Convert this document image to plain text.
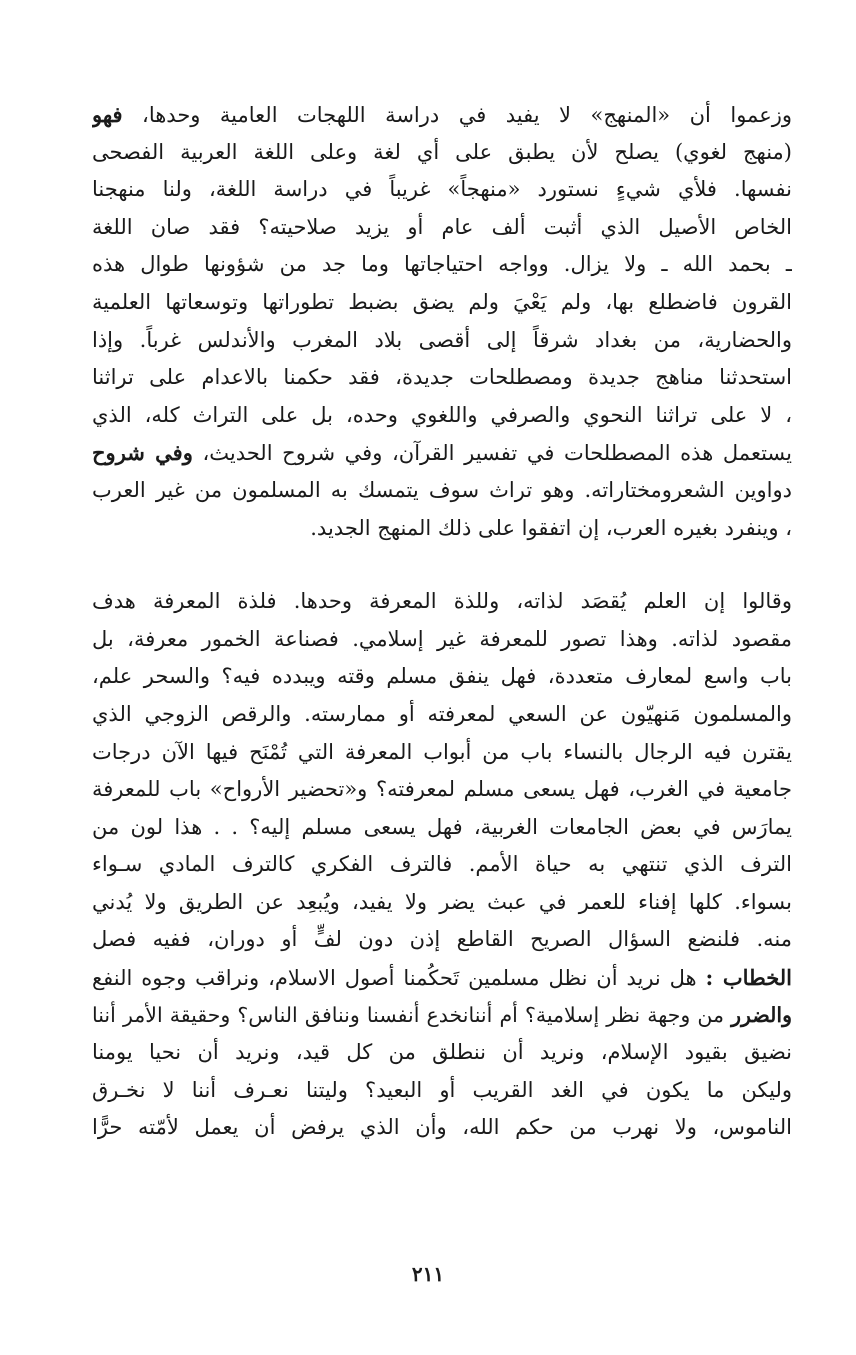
وزعموا أن «المنهج» لا يفيد في دراسة اللهجات العامية وحدها، فهو
(منهج لغوي) يصلح لأن يطبق على أي لغة وعلى اللغة العربية الفصحى
نفسها. فلأي شيءٍ نستورد «منهجاً» غريباً في دراسة اللغة، ولنا منهجنا
الخاص الأصيل الذي أثبت ألف عام أو يزيد صلاحيته؟ فقد صان اللغة
ـ بحمد الله ـ ولا يزال. وواجه احتياجاتها وما جد من شؤونها طوال هذه
القرون فاضطلع بها، ولم يَعْيَ ولم يضق بضبط تطوراتها وتوسعاتها العلمية
والحضارية، من بغداد شرقاً إلى أقصى بلاد المغرب والأندلس غرباً. وإذا
استحدثنا مناهج جديدة ومصطلحات جديدة، فقد حكمنا بالاعدام على تراثنا
، لا على تراثنا النحوي والصرفي واللغوي وحده، بل على التراث كله، الذي
يستعمل هذه المصطلحات في تفسير القرآن، وفي شروح الحديث، وفي شروح
دواوين الشعرومختاراته. وهو تراث سوف يتمسك به المسلمون من غير العرب
، وينفرد بغيره العرب، إن اتفقوا على ذلك المنهج الجديد.
وقالوا إن العلم يُقصَد لذاته، وللذة المعرفة وحدها. فلذة المعرفة هدف
مقصود لذاته. وهذا تصور للمعرفة غير إسلامي. فصناعة الخمور معرفة، بل
باب واسع لمعارف متعددة، فهل ينفق مسلم وقته ويبدده فيه؟ والسحر علم،
والمسلمون مَنهيّون عن السعي لمعرفته أو ممارسته. والرقص الزوجي الذي
يقترن فيه الرجال بالنساء باب من أبواب المعرفة التي تُمْنَح فيها الآن درجات
جامعية في الغرب، فهل يسعى مسلم لمعرفته؟ و«تحضير الأرواح» باب للمعرفة
يمارَس في بعض الجامعات الغربية، فهل يسعى مسلم إليه؟ . . هذا لون من
الترف الذي تنتهي به حياة الأمم. فالترف الفكري كالترف المادي سـواء
بسواء. كلها إفناء للعمر في عبث يضر ولا يفيد، ويُبعِد عن الطريق ولا يُدني
منه. فلنضع السؤال الصريح القاطع إذن دون لفٍّ أو دوران، ففيه فصل
الخطاب : هل نريد أن نظل مسلمين تَحكُمنا أصول الاسلام، ونراقب وجوه النفع
والضرر من وجهة نظر إسلامية؟ أم أننانخدع أنفسنا وننافق الناس؟ وحقيقة الأمر أننا
نضيق بقيود الإسلام، ونريد أن ننطلق من كل قيد، ونريد أن نحيا يومنا
وليكن ما يكون في الغد القريب أو البعيد؟ وليتنا نعـرف أننا لا نخـرق
الناموس، ولا نهرب من حكم الله، وأن الذي يرفض أن يعمل لأمّته حرًّا
٢١١
